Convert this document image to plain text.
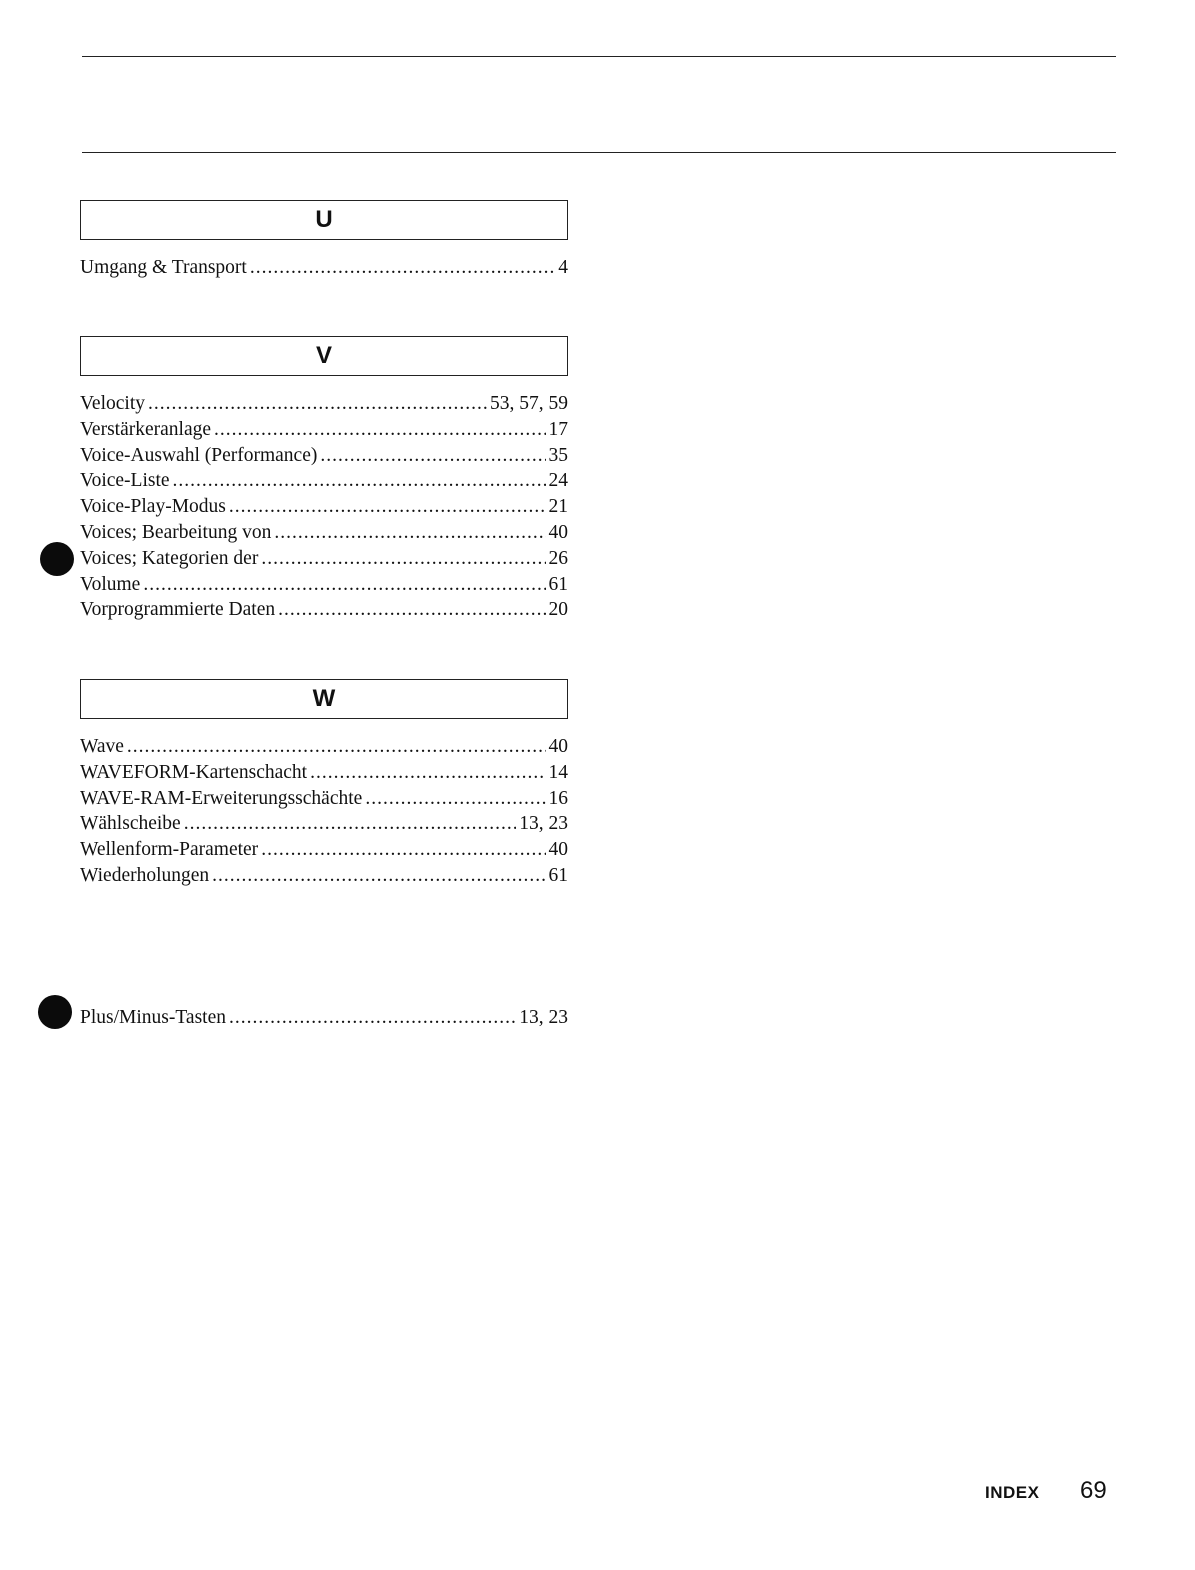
U
Umgang & Transport .....	4
V
Velocity .....	53, 57, 59
Verstärkeranlage .....	17
Voice-Auswahl (Performance) .....	35
Voice-Liste .....	24
Voice-Play-Modus .....	21
Voices; Bearbeitung von .....	40
Voices; Kategorien der .....	26
Volume .....	61
Vorprogrammierte Daten .....	20
W
Wave .....	40
WAVEFORM-Kartenschacht .....	14
WAVE-RAM-Erweiterungsschächte .....	16
Wählscheibe .....	13, 23
Wellenform-Parameter .....	40
Wiederholungen .....	61
Plus/Minus-Tasten .....	13, 23
INDEX 69
